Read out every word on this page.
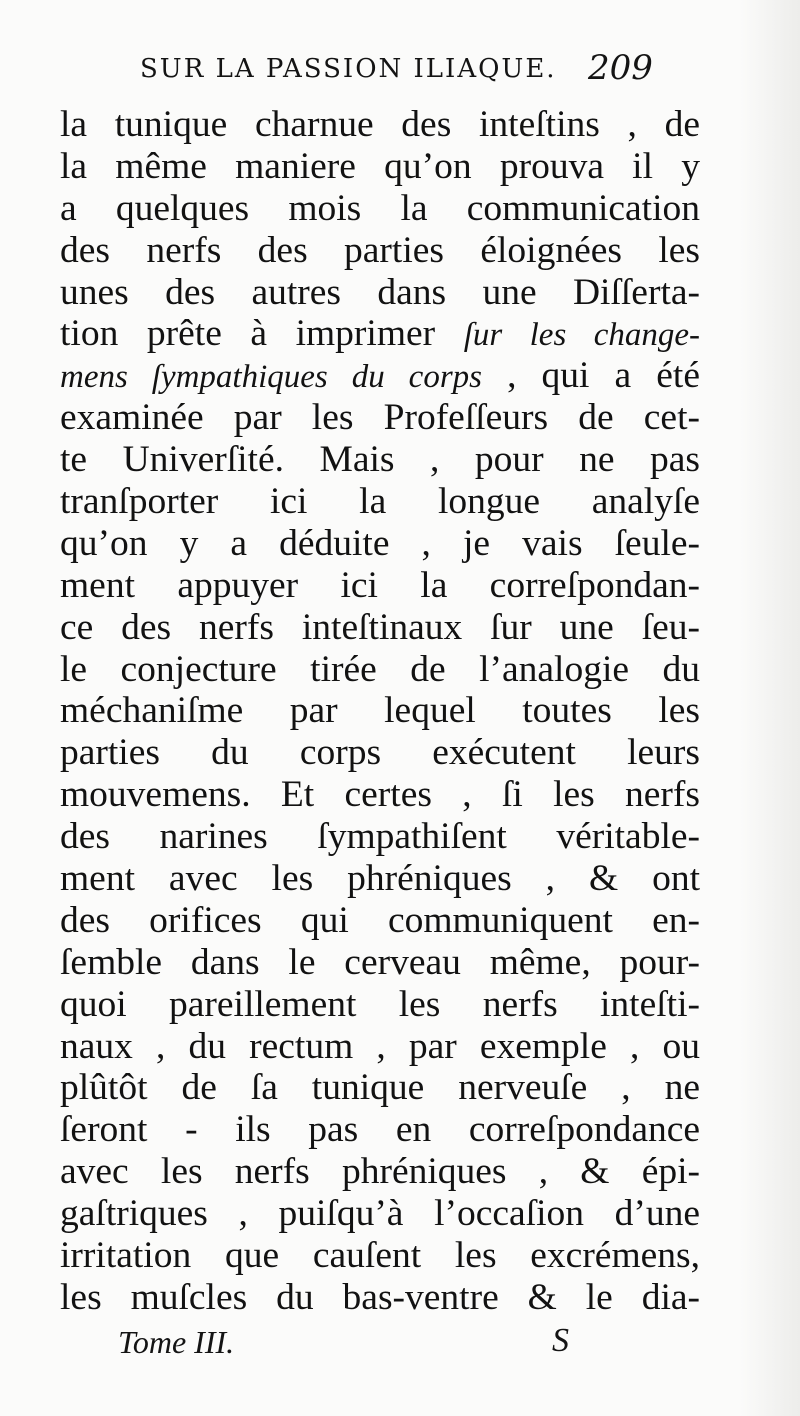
SUR LA PASSION ILIAQUE. 209
la tunique charnue des inteſtins , de
la même maniere qu’on prouva il y
a quelques mois la communication
des nerfs des parties éloignées les
unes des autres dans une Diſſerta-
tion prête à imprimer ſur les change-
mens ſympathiques du corps , qui a été
examinée par les Profeſſeurs de cet-
te Univerſité. Mais , pour ne pas
tranſporter ici la longue analyſe
qu’on y a déduite , je vais ſeule-
ment appuyer ici la correſpondan-
ce des nerfs inteſtinaux ſur une ſeu-
le conjecture tirée de l’analogie du
méchaniſme par lequel toutes les
parties du corps exécutent leurs
mouvemens. Et certes , ſi les nerfs
des narines ſympathiſent véritable-
ment avec les phréniques , & ont
des orifices qui communiquent en-
ſemble dans le cerveau même, pour-
quoi pareillement les nerfs inteſti-
naux , du rectum , par exemple , ou
plûtôt de ſa tunique nerveuſe , ne
ſeront - ils pas en correſpondance
avec les nerfs phréniques , & épi-
gaſtriques , puiſqu’à l’occaſion d’une
irritation que cauſent les excrémens,
les muſcles du bas-ventre & le dia-
Tome III.	S
